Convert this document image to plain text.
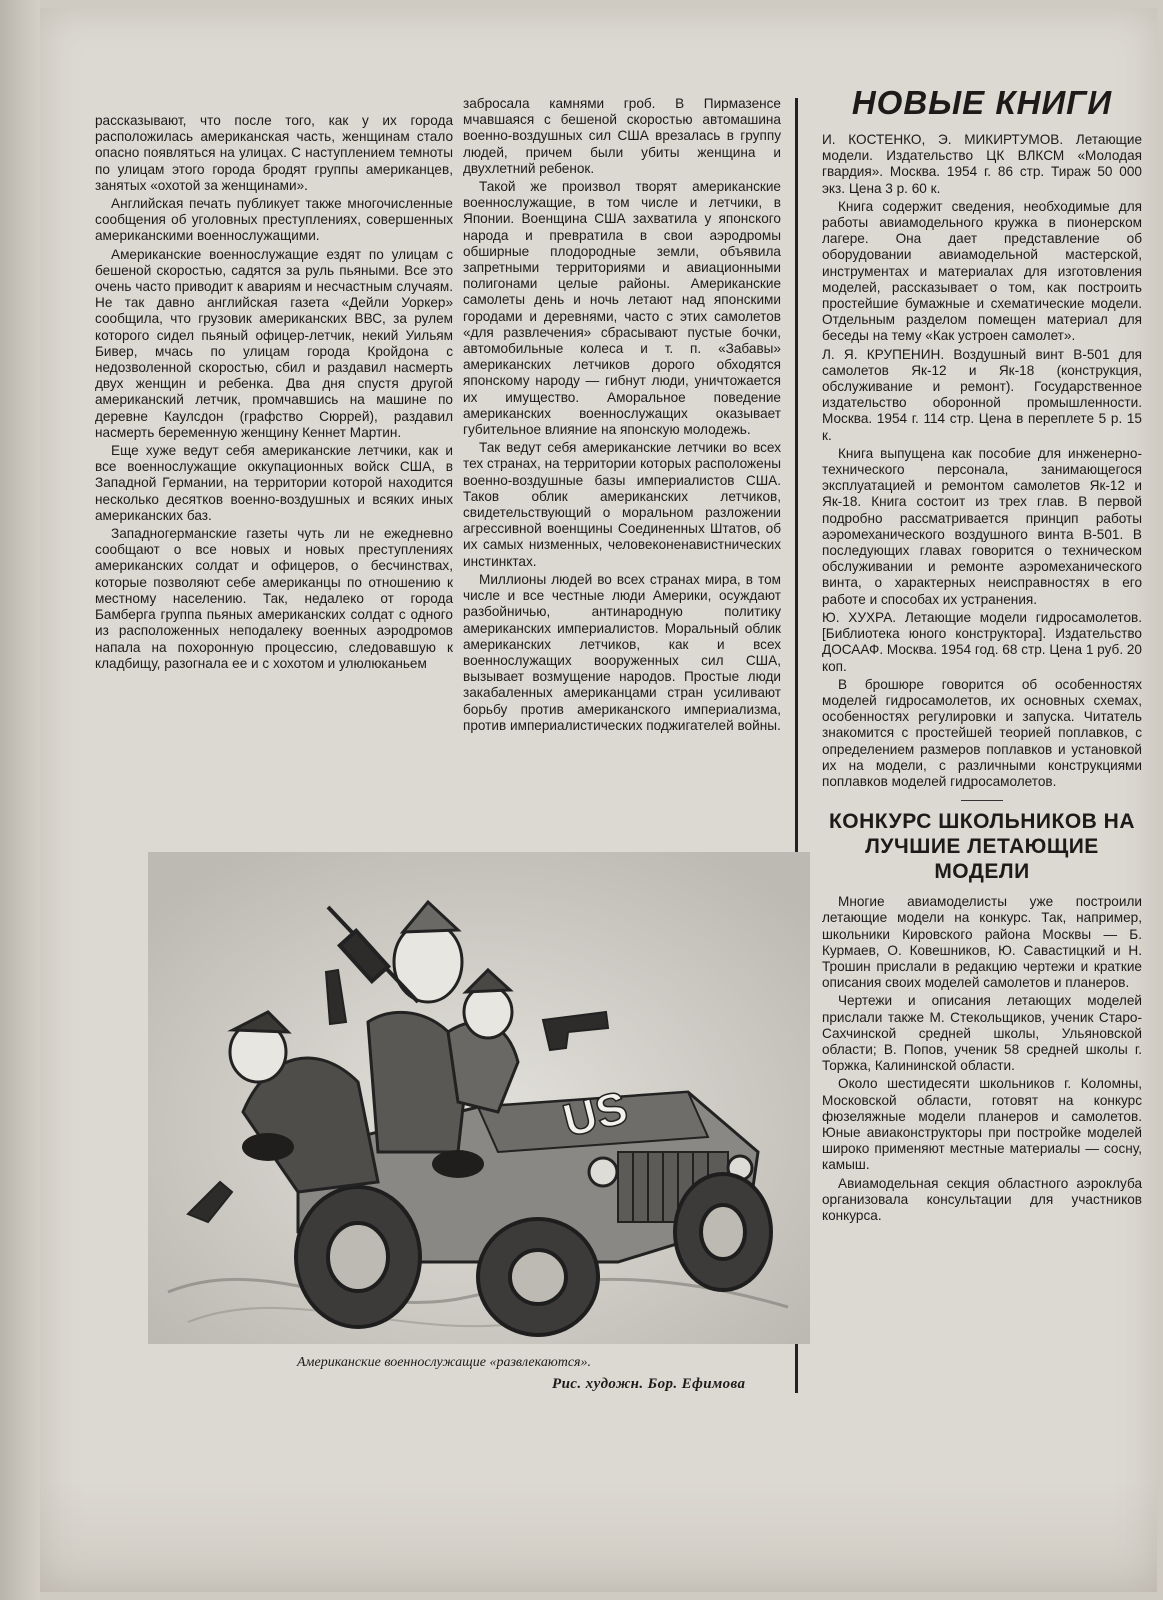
рассказывают, что после того, как у их города расположилась американская часть, женщинам стало опасно появляться на улицах. С наступлением темноты по улицам этого города бродят группы американцев, занятых «охотой за женщинами».

Английская печать публикует также многочисленные сообщения об уголовных преступлениях, совершенных американскими военнослужащими.

Американские военнослужащие ездят по улицам с бешеной скоростью, садятся за руль пьяными. Все это очень часто приводит к авариям и несчастным случаям. Не так давно английская газета «Дейли Уоркер» сообщила, что грузовик американских ВВС, за рулем которого сидел пьяный офицер-летчик, некий Уильям Бивер, мчась по улицам города Кройдона с недозволенной скоростью, сбил и раздавил насмерть двух женщин и ребенка. Два дня спустя другой американский летчик, промчавшись на машине по деревне Каулсдон (графство Сюррей), раздавил насмерть беременную женщину Кеннет Мартин.

Еще хуже ведут себя американские летчики, как и все военнослужащие оккупационных войск США, в Западной Германии, на территории которой находится несколько десятков военно-воздушных и всяких иных американских баз.

Западногерманские газеты чуть ли не ежедневно сообщают о все новых и новых преступлениях американских солдат и офицеров, о бесчинствах, которые позволяют себе американцы по отношению к местному населению. Так, недалеко от города Бамберга группа пьяных американских солдат с одного из расположенных неподалеку военных аэродромов напала на похоронную процессию, следовавшую к кладбищу, разогнала ее и с хохотом и улюлюканьем

забросала камнями гроб. В Пирмазенсе мчавшаяся с бешеной скоростью автомашина военно-воздушных сил США врезалась в группу людей, причем были убиты женщина и двухлетний ребенок.

Такой же произвол творят американские военнослужащие, в том числе и летчики, в Японии. Военщина США захватила у японского народа и превратила в свои аэродромы обширные плодородные земли, объявила запретными территориями и авиационными полигонами целые районы. Американские самолеты день и ночь летают над японскими городами и деревнями, часто с этих самолетов «для развлечения» сбрасывают пустые бочки, автомобильные колеса и т. п. «Забавы» американских летчиков дорого обходятся японскому народу — гибнут люди, уничтожается их имущество. Аморальное поведение американских военнослужащих оказывает губительное влияние на японскую молодежь.

Так ведут себя американские летчики во всех тех странах, на территории которых расположены военно-воздушные базы империалистов США. Таков облик американских летчиков, свидетельствующий о моральном разложении агрессивной военщины Соединенных Штатов, об их самых низменных, человеконенавистнических инстинктах.

Миллионы людей во всех странах мира, в том числе и все честные люди Америки, осуждают разбойничью, антинародную политику американских империалистов. Моральный облик американских летчиков, как и всех военнослужащих вооруженных сил США, вызывает возмущение народов. Простые люди закабаленных американцами стран усиливают борьбу против американского империализма, против империалистических поджигателей войны.

НОВЫЕ КНИГИ

И. КОСТЕНКО, Э. МИКИРТУМОВ. Летающие модели. Издательство ЦК ВЛКСМ «Молодая гвардия». Москва. 1954 г. 86 стр. Тираж 50 000 экз. Цена 3 р. 60 к.

Книга содержит сведения, необходимые для работы авиамодельного кружка в пионерском лагере. Она дает представление об оборудовании авиамодельной мастерской, инструментах и материалах для изготовления моделей, рассказывает о том, как построить простейшие бумажные и схематические модели. Отдельным разделом помещен материал для беседы на тему «Как устроен самолет».

Л. Я. КРУПЕНИН. Воздушный винт В-501 для самолетов Як-12 и Як-18 (конструкция, обслуживание и ремонт). Государственное издательство оборонной промышленности. Москва. 1954 г. 114 стр. Цена в переплете 5 р. 15 к.

Книга выпущена как пособие для инженерно-технического персонала, занимающегося эксплуатацией и ремонтом самолетов Як-12 и Як-18. Книга состоит из трех глав. В первой подробно рассматривается принцип работы аэромеханического воздушного винта В-501. В последующих главах говорится о техническом обслуживании и ремонте аэромеханического винта, о характерных неисправностях в его работе и способах их устранения.

Ю. ХУХРА. Летающие модели гидросамолетов. [Библиотека юного конструктора]. Издательство ДОСААФ. Москва. 1954 год. 68 стр. Цена 1 руб. 20 коп.

В брошюре говорится об особенностях моделей гидросамолетов, их основных схемах, особенностях регулировки и запуска. Читатель знакомится с простейшей теорией поплавков, с определением размеров поплавков и установкой их на модели, с различными конструкциями поплавков моделей гидросамолетов.

КОНКУРС ШКОЛЬНИКОВ НА ЛУЧШИЕ ЛЕТАЮЩИЕ МОДЕЛИ

Многие авиамоделисты уже построили летающие модели на конкурс. Так, например, школьники Кировского района Москвы — Б. Курмаев, О. Ковешников, Ю. Савастицкий и Н. Трошин прислали в редакцию чертежи и краткие описания своих моделей самолетов и планеров.

Чертежи и описания летающих моделей прислали также М. Стекольщиков, ученик Старо-Сахчинской средней школы, Ульяновской области; В. Попов, ученик 58 средней школы г. Торжка, Калининской области.

Около шестидесяти школьников г. Коломны, Московской области, готовят на конкурс фюзеляжные модели планеров и самолетов. Юные авиаконструкторы при постройке моделей широко применяют местные материалы — сосну, камыш.

Авиамодельная секция областного аэроклуба организовала консультации для участников конкурса.

US
Американские военнослужащие «развлекаются».
Рис. художн. Бор. Ефимова
